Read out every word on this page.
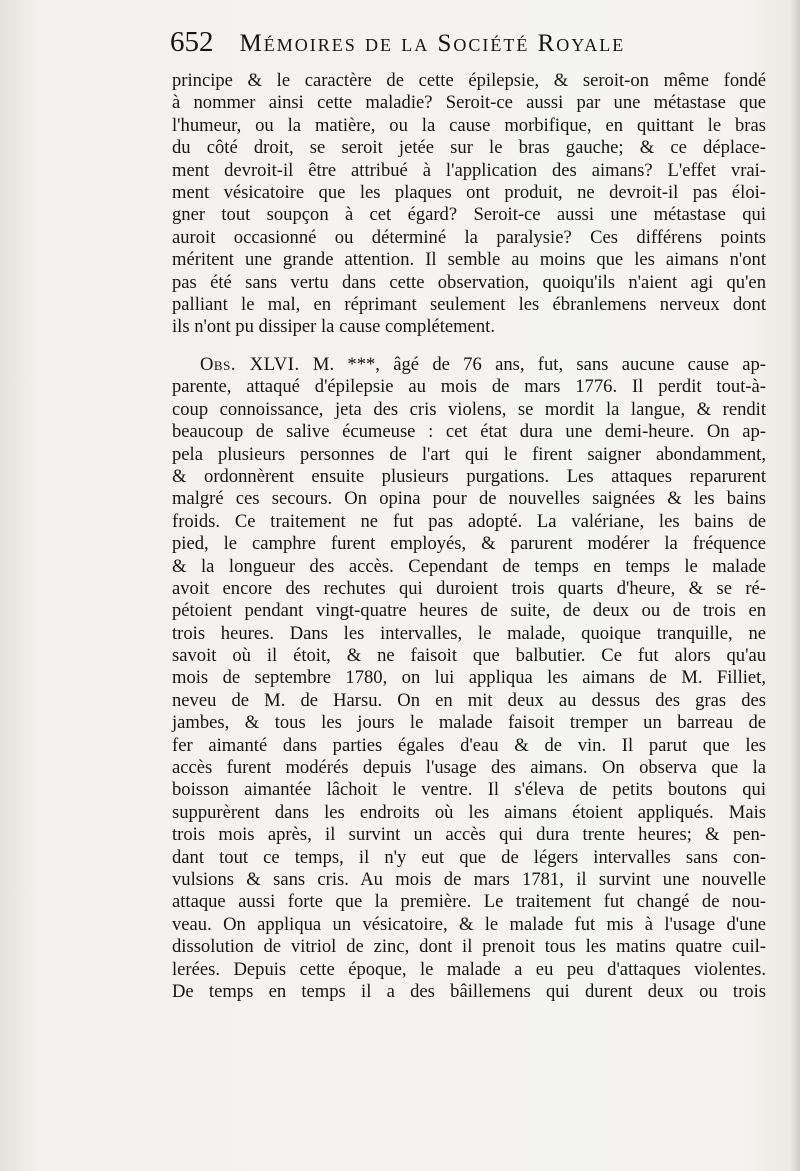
652 Mémoires de la Société Royale
principe & le caractère de cette épilepsie, & seroit-on même fondé
à nommer ainsi cette maladie? Seroit-ce aussi par une métastase que
l'humeur, ou la matière, ou la cause morbifique, en quittant le bras
du côté droit, se seroit jetée sur le bras gauche; & ce déplace-
ment devroit-il être attribué à l'application des aimans? L'effet vrai-
ment vésicatoire que les plaques ont produit, ne devroit-il pas éloi-
gner tout soupçon à cet égard? Seroit-ce aussi une métastase qui
auroit occasionné ou déterminé la paralysie? Ces différens points
méritent une grande attention. Il semble au moins que les aimans n'ont
pas été sans vertu dans cette observation, quoiqu'ils n'aient agi qu'en
palliant le mal, en réprimant seulement les ébranlemens nerveux dont
ils n'ont pu dissiper la cause complétement.
Obs. XLVI. M. ***, âgé de 76 ans, fut, sans aucune cause ap-
parente, attaqué d'épilepsie au mois de mars 1776. Il perdit tout-à-
coup connoissance, jeta des cris violens, se mordit la langue, & rendit
beaucoup de salive écumeuse : cet état dura une demi-heure. On ap-
pela plusieurs personnes de l'art qui le firent saigner abondamment,
& ordonnèrent ensuite plusieurs purgations. Les attaques reparurent
malgré ces secours. On opina pour de nouvelles saignées & les bains
froids. Ce traitement ne fut pas adopté. La valériane, les bains de
pied, le camphre furent employés, & parurent modérer la fréquence
& la longueur des accès. Cependant de temps en temps le malade
avoit encore des rechutes qui duroient trois quarts d'heure, & se ré-
pétoient pendant vingt-quatre heures de suite, de deux ou de trois en
trois heures. Dans les intervalles, le malade, quoique tranquille, ne
savoit où il étoit, & ne faisoit que balbutier. Ce fut alors qu'au
mois de septembre 1780, on lui appliqua les aimans de M. Filliet,
neveu de M. de Harsu. On en mit deux au dessus des gras des
jambes, & tous les jours le malade faisoit tremper un barreau de
fer aimanté dans parties égales d'eau & de vin. Il parut que les
accès furent modérés depuis l'usage des aimans. On observa que la
boisson aimantée lâchoit le ventre. Il s'éleva de petits boutons qui
suppurèrent dans les endroits où les aimans étoient appliqués. Mais
trois mois après, il survint un accès qui dura trente heures; & pen-
dant tout ce temps, il n'y eut que de légers intervalles sans con-
vulsions & sans cris. Au mois de mars 1781, il survint une nouvelle
attaque aussi forte que la première. Le traitement fut changé de nou-
veau. On appliqua un vésicatoire, & le malade fut mis à l'usage d'une
dissolution de vitriol de zinc, dont il prenoit tous les matins quatre cuil-
lerées. Depuis cette époque, le malade a eu peu d'attaques violentes.
De temps en temps il a des bâillemens qui durent deux ou trois
